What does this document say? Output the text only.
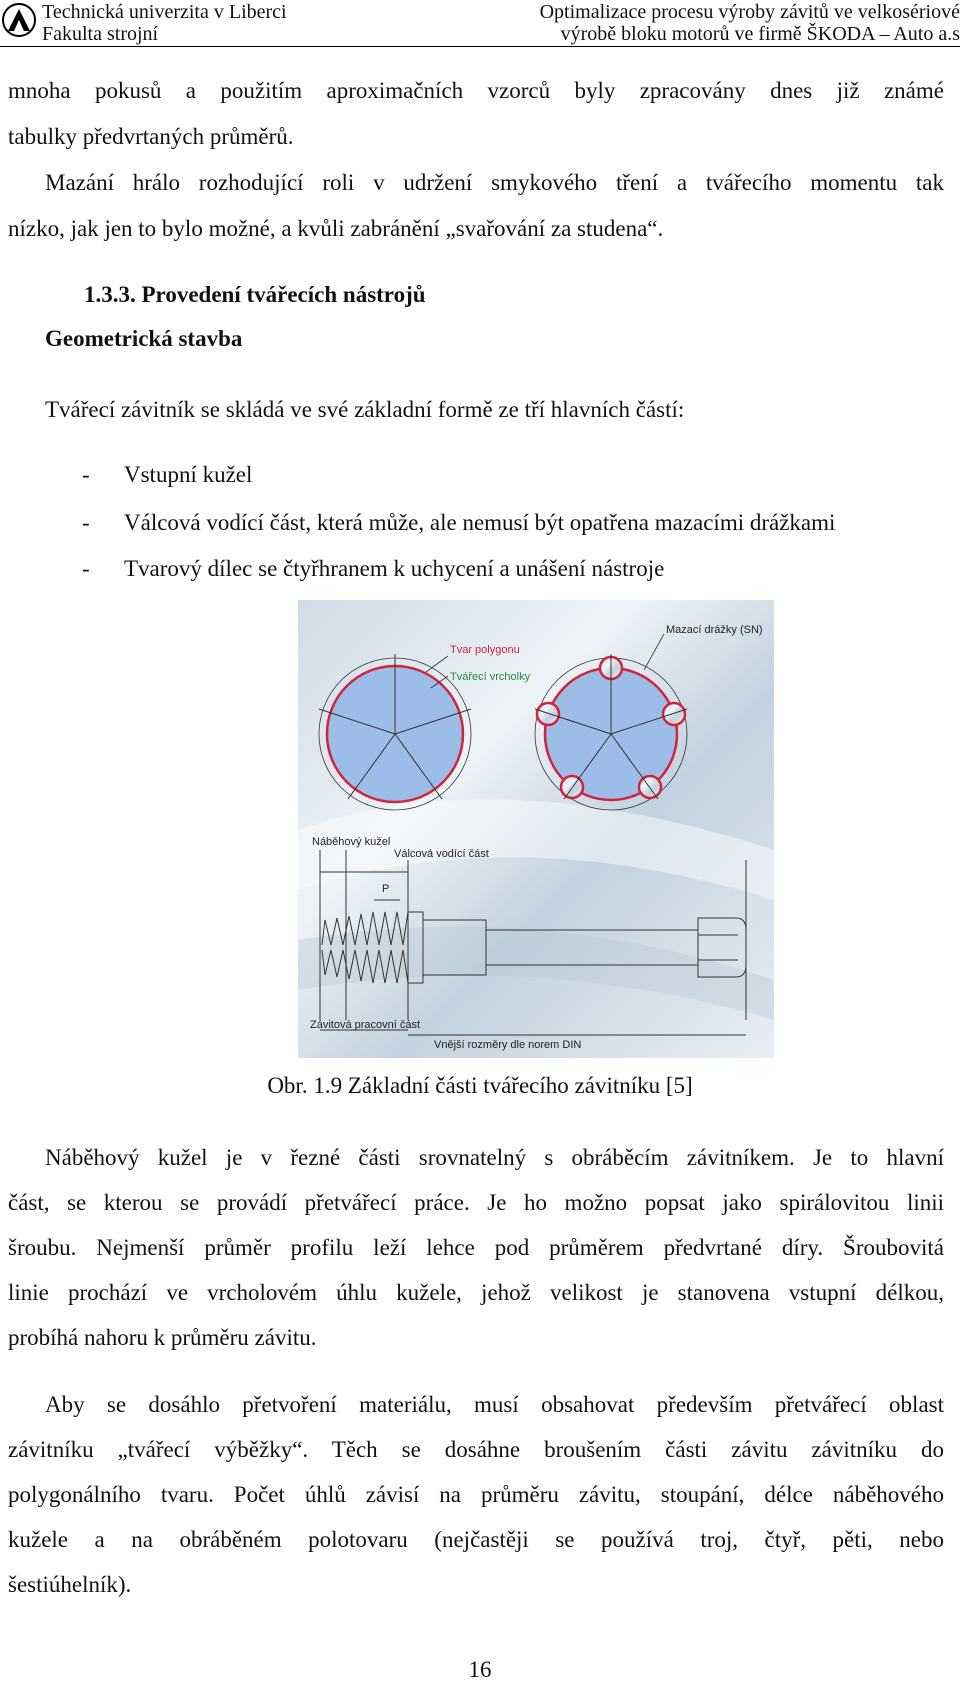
Technická univerzita v Liberci
Fakulta strojní
Optimalizace procesu výroby závitů ve velkosériové
výrobě bloku motorů ve firmě ŠKODA – Auto a.s
mnoha pokusů a použitím aproximačních vzorců byly zpracovány dnes již známé
tabulky předvrtaných průměrů.
Mazání hrálo rozhodující roli v udržení smykového tření a tvářecího momentu tak
nízko, jak jen to bylo možné, a kvůli zabránění „svařování za studena“.
1.3.3. Provedení tvářecích nástrojů
Geometrická stavba
Tvářecí závitník se skládá ve své základní formě ze tří hlavních částí:
- Vstupní kužel
- Válcová vodící část, která může, ale nemusí být opatřena mazacími drážkami
- Tvarový dílec se čtyřhranem k uchycení a unášení nástroje
Tvar polygonu
Tvářecí vrcholky
Mazací drážky (SN)
Náběhový kužel
Válcová vodící část
P
Závitová pracovní část
Vnější rozměry dle norem DIN
Obr. 1.9 Základní části tvářecího závitníku [5]
Náběhový kužel je v řezné části srovnatelný s obráběcím závitníkem. Je to hlavní
část, se kterou se provádí přetvářecí práce. Je ho možno popsat jako spirálovitou linii
šroubu. Nejmenší průměr profilu leží lehce pod průměrem předvrtané díry. Šroubovitá
linie prochází ve vrcholovém úhlu kužele, jehož velikost je stanovena vstupní délkou,
probíhá nahoru k průměru závitu.
Aby se dosáhlo přetvoření materiálu, musí obsahovat především přetvářecí oblast
závitníku „tvářecí výběžky“. Těch se dosáhne broušením části závitu závitníku do
polygonálního tvaru. Počet úhlů závisí na průměru závitu, stoupání, délce náběhového
kužele a na obráběném polotovaru (nejčastěji se používá troj, čtyř, pěti, nebo
šestiúhelník).
16
